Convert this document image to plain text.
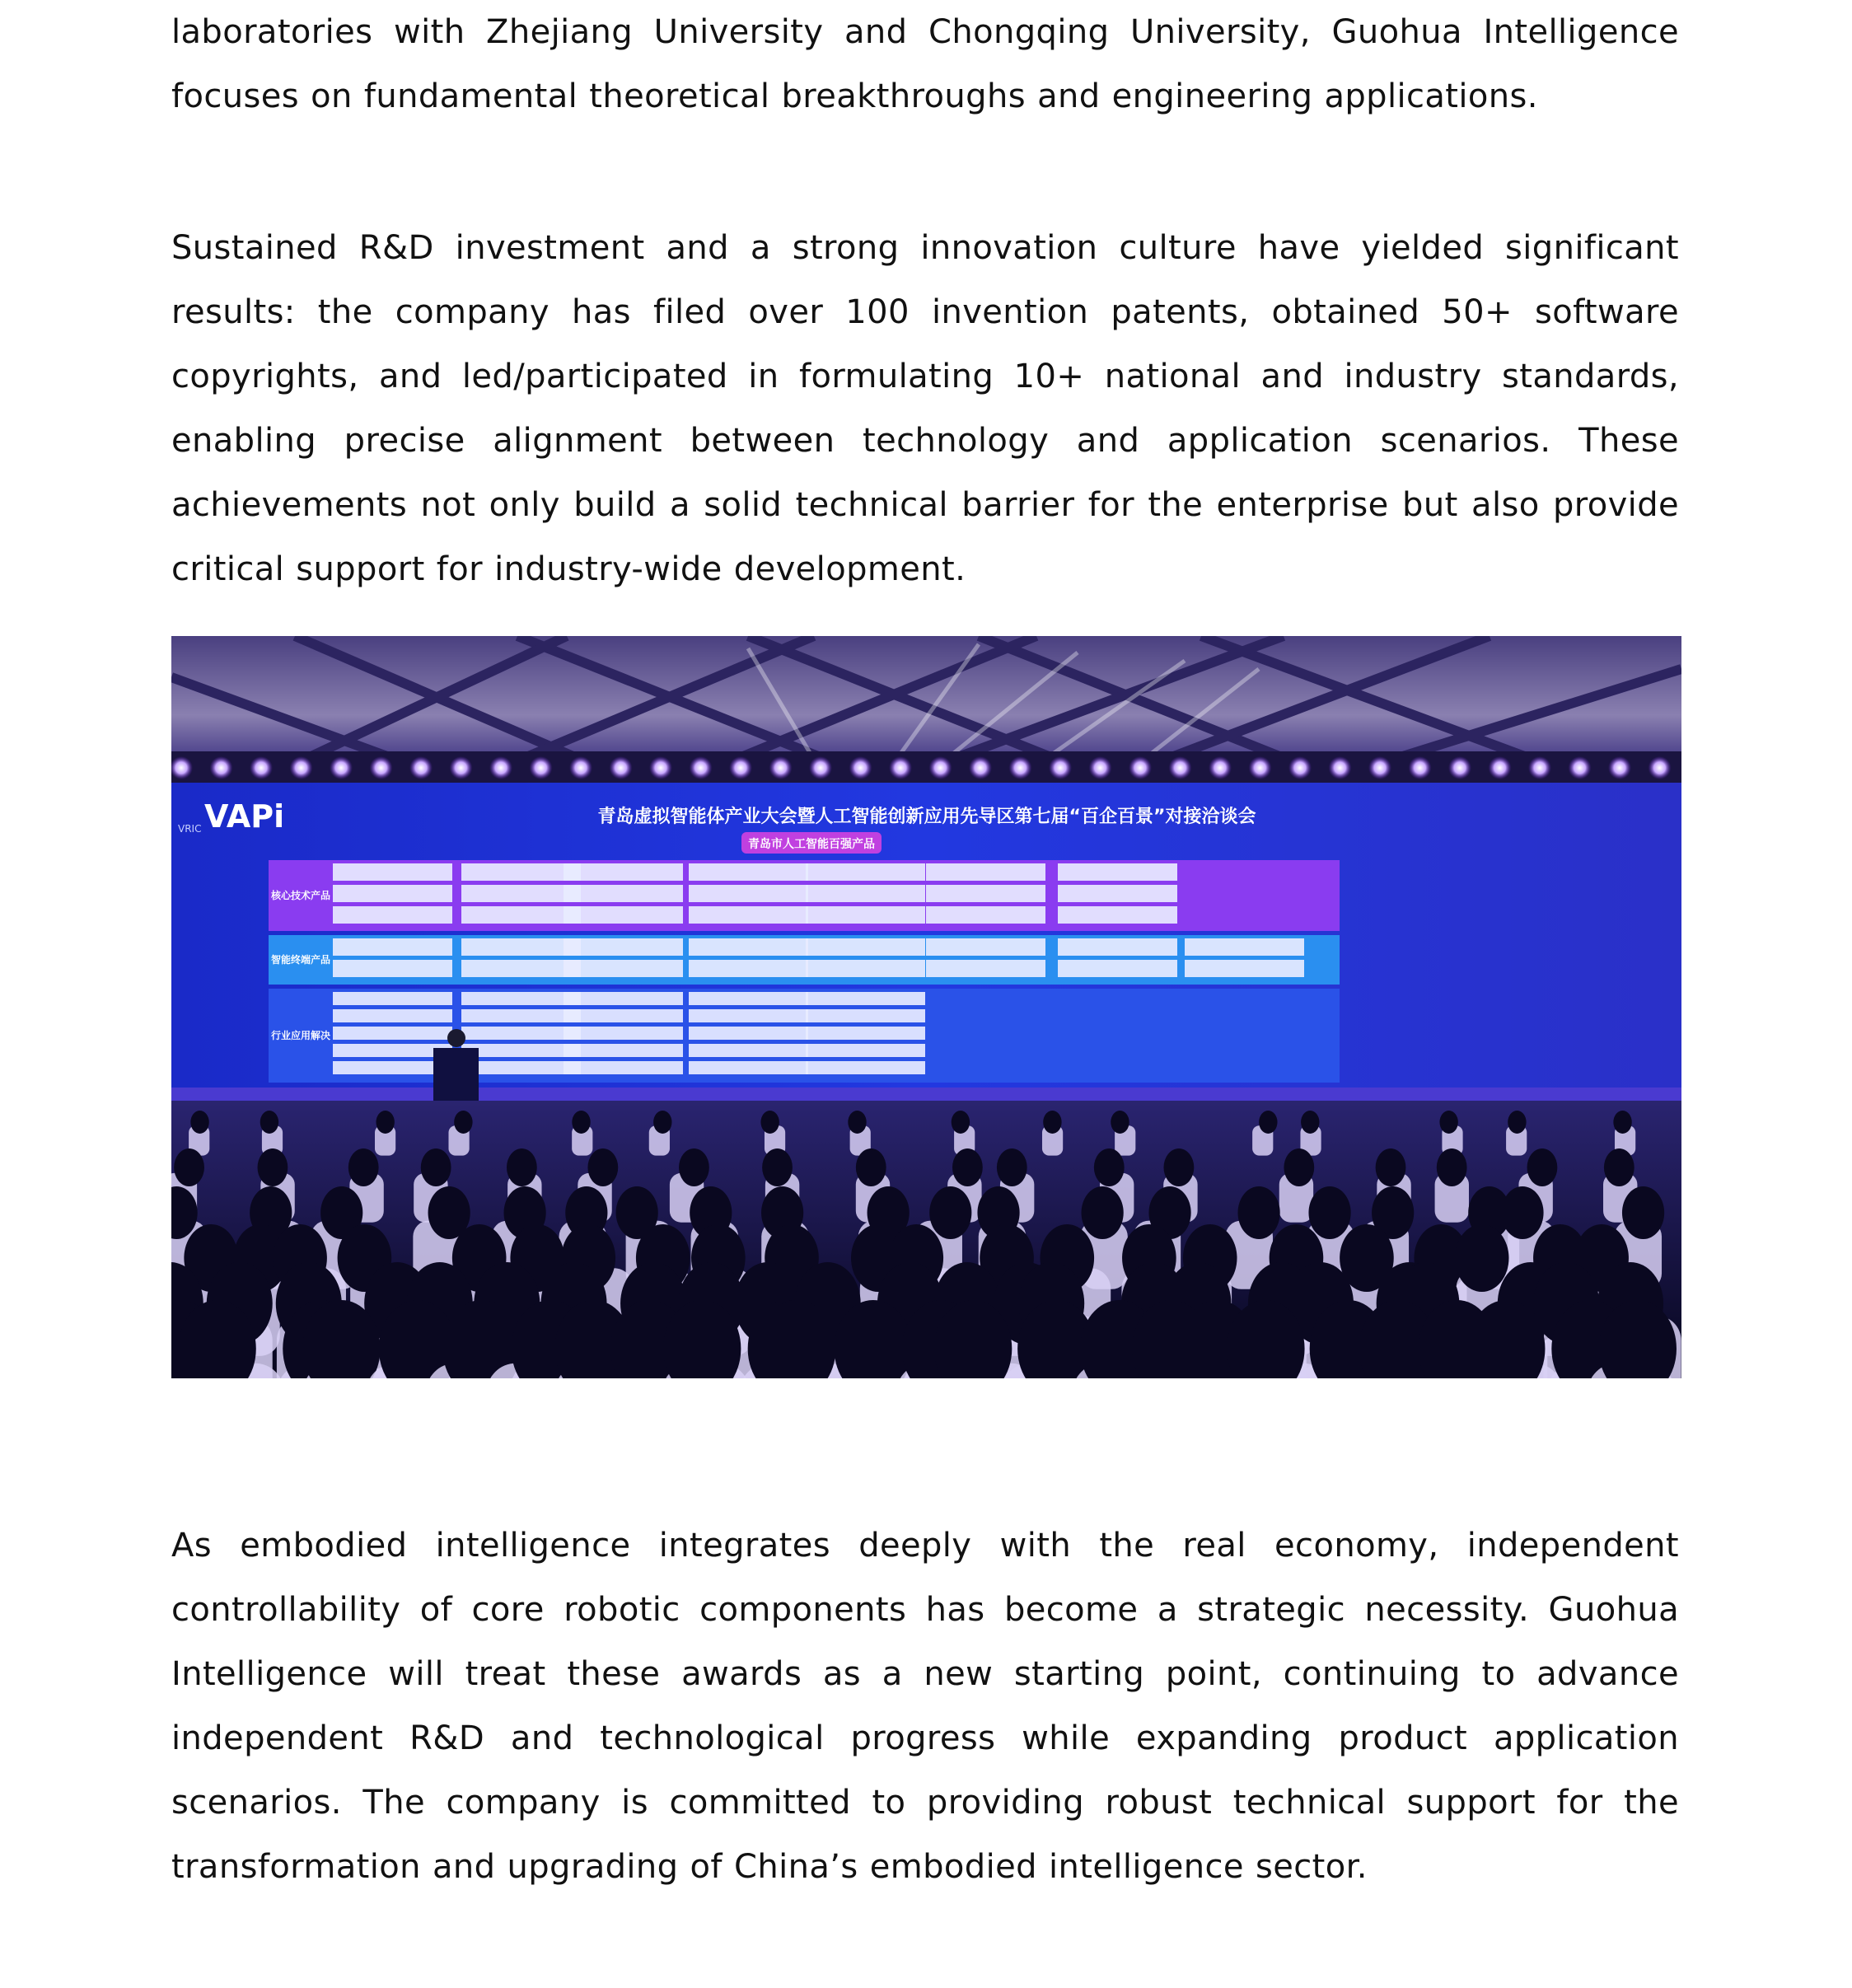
laboratories with Zhejiang University and Chongqing University, Guohua Intelligence focuses on fundamental theoretical breakthroughs and engineering applications.

Sustained R&D investment and a strong innovation culture have yielded significant results: the company has filed over 100 invention patents, obtained 50+ software copyrights, and led/participated in formulating 10+ national and industry standards, enabling precise alignment between technology and application scenarios. These achievements not only build a solid technical barrier for the enterprise but also provide critical support for industry-wide development.

VAPi
VRIC
青岛虚拟智能体产业大会暨人工智能创新应用先导区第七届“百企百景”对接洽谈会
青岛市人工智能百强产品
核心技术产品
智能终端产品
行业应用解决

As embodied intelligence integrates deeply with the real economy, independent controllability of core robotic components has become a strategic necessity. Guohua Intelligence will treat these awards as a new starting point, continuing to advance independent R&D and technological progress while expanding product application scenarios. The company is committed to providing robust technical support for the transformation and upgrading of China’s embodied intelligence sector.
